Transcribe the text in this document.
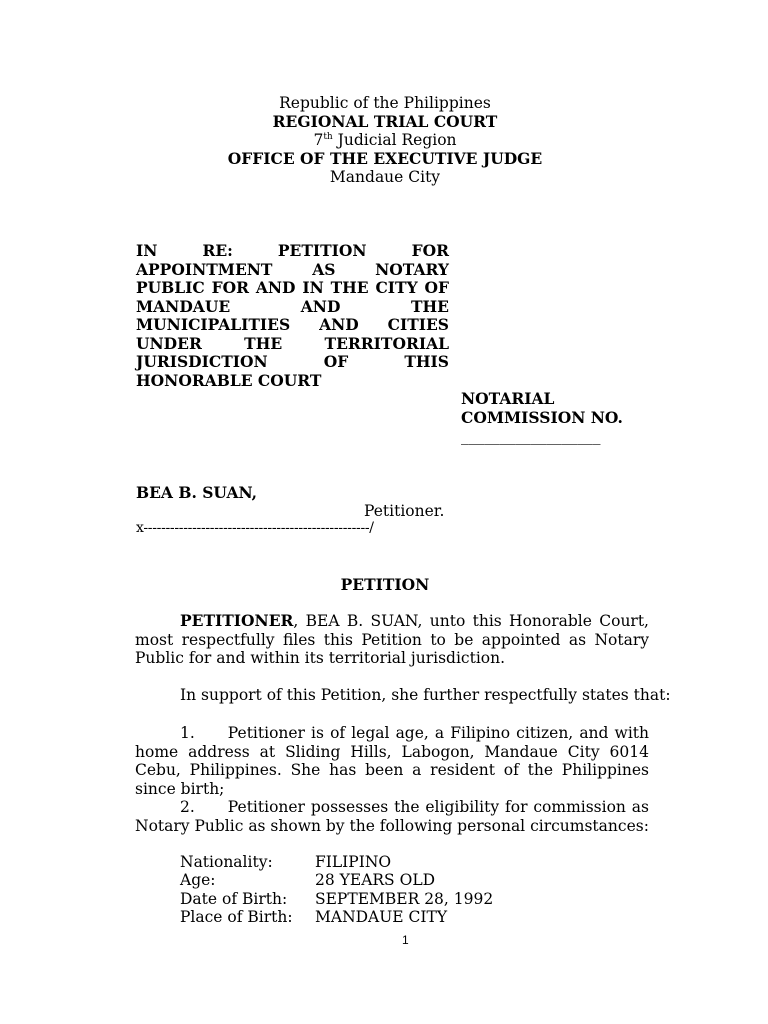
Republic of the Philippines
REGIONAL TRIAL COURT
7th Judicial Region
OFFICE OF THE EXECUTIVE JUDGE
Mandaue City
IN RE: PETITION FOR
APPOINTMENT AS NOTARY
PUBLIC FOR AND IN THE CITY OF
MANDAUE AND THE
MUNICIPALITIES AND CITIES
UNDER THE TERRITORIAL
JURISDICTION OF THIS
HONORABLE COURT
NOTARIAL
COMMISSION NO.
__________________
BEA B. SUAN,
Petitioner.
x---------------------------------------------------/
PETITION
PETITIONER, BEA B. SUAN, unto this Honorable Court, most respectfully files this Petition to be appointed as Notary Public for and within its territorial jurisdiction.
In support of this Petition, she further respectfully states that:
1. Petitioner is of legal age, a Filipino citizen, and with home address at Sliding Hills, Labogon, Mandaue City 6014 Cebu, Philippines. She has been a resident of the Philippines since birth;
2. Petitioner possesses the eligibility for commission as Notary Public as shown by the following personal circumstances:
Nationality:	FILIPINO
Age:	28 YEARS OLD
Date of Birth: SEPTEMBER 28, 1992
Place of Birth: MANDAUE CITY
1
